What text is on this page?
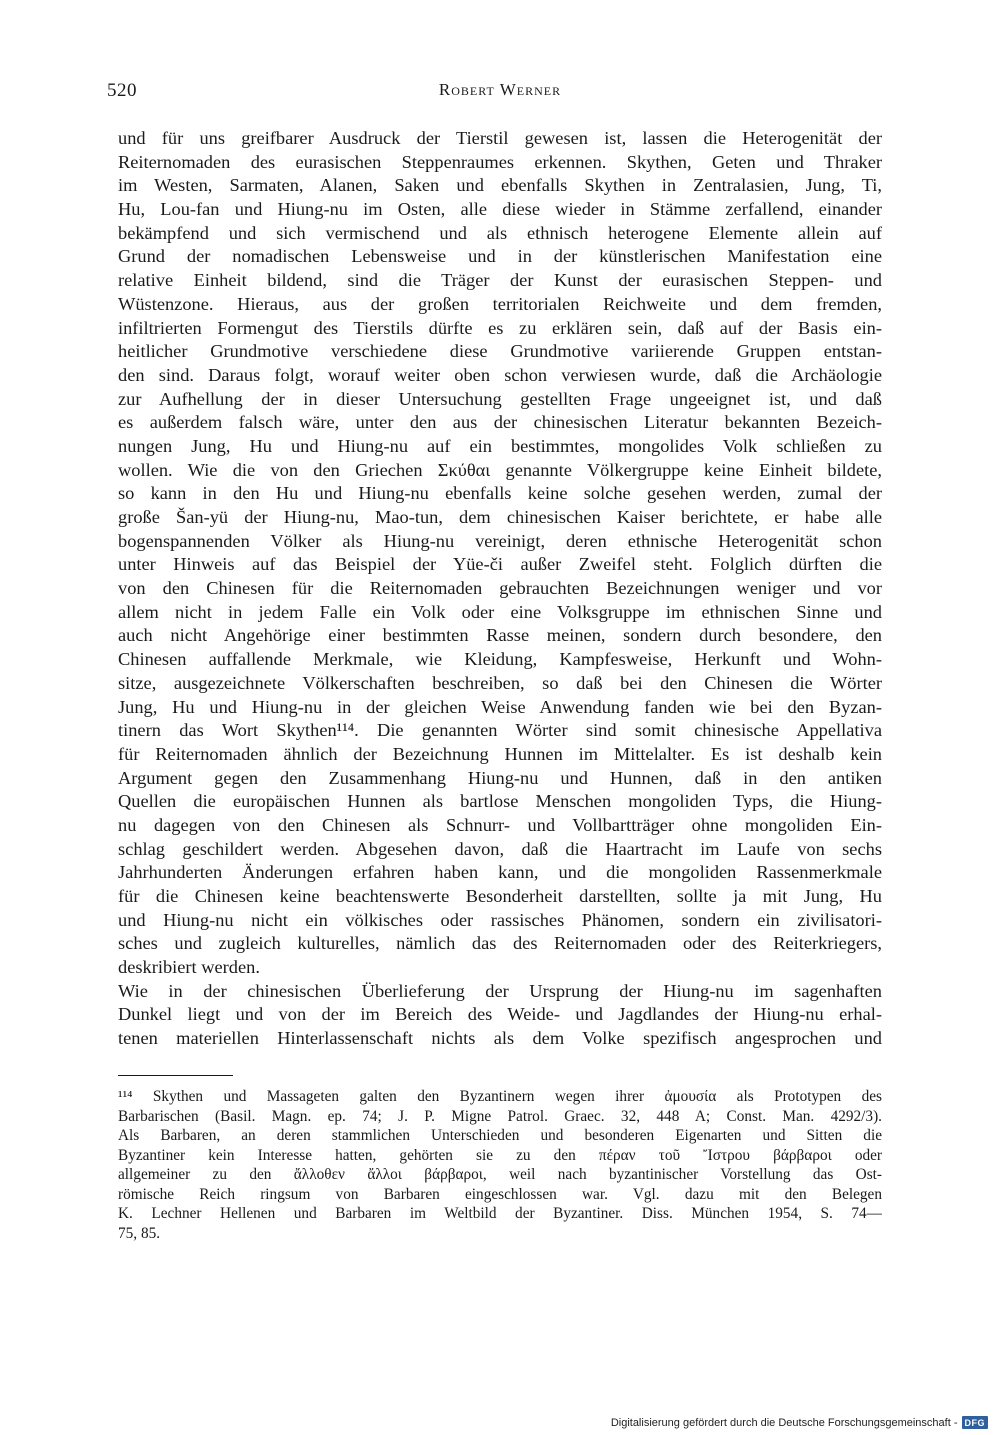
520	Robert Werner
und für uns greifbarer Ausdruck der Tierstil gewesen ist, lassen die Heterogenität der
Reiternomaden des eurasischen Steppenraumes erkennen. Skythen, Geten und Thraker
im Westen, Sarmaten, Alanen, Saken und ebenfalls Skythen in Zentralasien, Jung, Ti,
Hu, Lou-fan und Hiung-nu im Osten, alle diese wieder in Stämme zerfallend, einander
bekämpfend und sich vermischend und als ethnisch heterogene Elemente allein auf
Grund der nomadischen Lebensweise und in der künstlerischen Manifestation eine
relative Einheit bildend, sind die Träger der Kunst der eurasischen Steppen- und
Wüstenzone. Hieraus, aus der großen territorialen Reichweite und dem fremden,
infiltrierten Formengut des Tierstils dürfte es zu erklären sein, daß auf der Basis ein-
heitlicher Grundmotive verschiedene diese Grundmotive variierende Gruppen entstan-
den sind. Daraus folgt, worauf weiter oben schon verwiesen wurde, daß die Archäologie
zur Aufhellung der in dieser Untersuchung gestellten Frage ungeeignet ist, und daß
es außerdem falsch wäre, unter den aus der chinesischen Literatur bekannten Bezeich-
nungen Jung, Hu und Hiung-nu auf ein bestimmtes, mongolides Volk schließen zu
wollen. Wie die von den Griechen Σκύθαι genannte Völkergruppe keine Einheit bildete,
so kann in den Hu und Hiung-nu ebenfalls keine solche gesehen werden, zumal der
große Šan-yü der Hiung-nu, Mao-tun, dem chinesischen Kaiser berichtete, er habe alle
bogenspannenden Völker als Hiung-nu vereinigt, deren ethnische Heterogenität schon
unter Hinweis auf das Beispiel der Yüe-či außer Zweifel steht. Folglich dürften die
von den Chinesen für die Reiternomaden gebrauchten Bezeichnungen weniger und vor
allem nicht in jedem Falle ein Volk oder eine Volksgruppe im ethnischen Sinne und
auch nicht Angehörige einer bestimmten Rasse meinen, sondern durch besondere, den
Chinesen auffallende Merkmale, wie Kleidung, Kampfesweise, Herkunft und Wohn-
sitze, ausgezeichnete Völkerschaften beschreiben, so daß bei den Chinesen die Wörter
Jung, Hu und Hiung-nu in der gleichen Weise Anwendung fanden wie bei den Byzan-
tinern das Wort Skythen¹¹⁴. Die genannten Wörter sind somit chinesische Appellativa
für Reiternomaden ähnlich der Bezeichnung Hunnen im Mittelalter. Es ist deshalb kein
Argument gegen den Zusammenhang Hiung-nu und Hunnen, daß in den antiken
Quellen die europäischen Hunnen als bartlose Menschen mongoliden Typs, die Hiung-
nu dagegen von den Chinesen als Schnurr- und Vollbartträger ohne mongoliden Ein-
schlag geschildert werden. Abgesehen davon, daß die Haartracht im Laufe von sechs
Jahrhunderten Änderungen erfahren haben kann, und die mongoliden Rassenmerkmale
für die Chinesen keine beachtenswerte Besonderheit darstellten, sollte ja mit Jung, Hu
und Hiung-nu nicht ein völkisches oder rassisches Phänomen, sondern ein zivilisatori-
sches und zugleich kulturelles, nämlich das des Reiternomaden oder des Reiterkriegers,
deskribiert werden.
Wie in der chinesischen Überlieferung der Ursprung der Hiung-nu im sagenhaften
Dunkel liegt und von der im Bereich des Weide- und Jagdlandes der Hiung-nu erhal-
tenen materiellen Hinterlassenschaft nichts als dem Volke spezifisch angesprochen und
¹¹⁴ Skythen und Massageten galten den Byzantinern wegen ihrer ἀμουσία als Prototypen des
Barbarischen (Basil. Magn. ep. 74; J. P. Migne Patrol. Graec. 32, 448 A; Const. Man. 4292/3).
Als Barbaren, an deren stammlichen Unterschieden und besonderen Eigenarten und Sitten die
Byzantiner kein Interesse hatten, gehörten sie zu den πέραν τοῦ Ἴστρου βάρβαροι oder
allgemeiner zu den ἄλλοθεν ἄλλοι βάρβαροι, weil nach byzantinischer Vorstellung das Ost-
römische Reich ringsum von Barbaren eingeschlossen war. Vgl. dazu mit den Belegen
K. Lechner Hellenen und Barbaren im Weltbild der Byzantiner. Diss. München 1954, S. 74—
75, 85.
Digitalisierung gefördert durch die Deutsche Forschungsgemeinschaft - DFG
